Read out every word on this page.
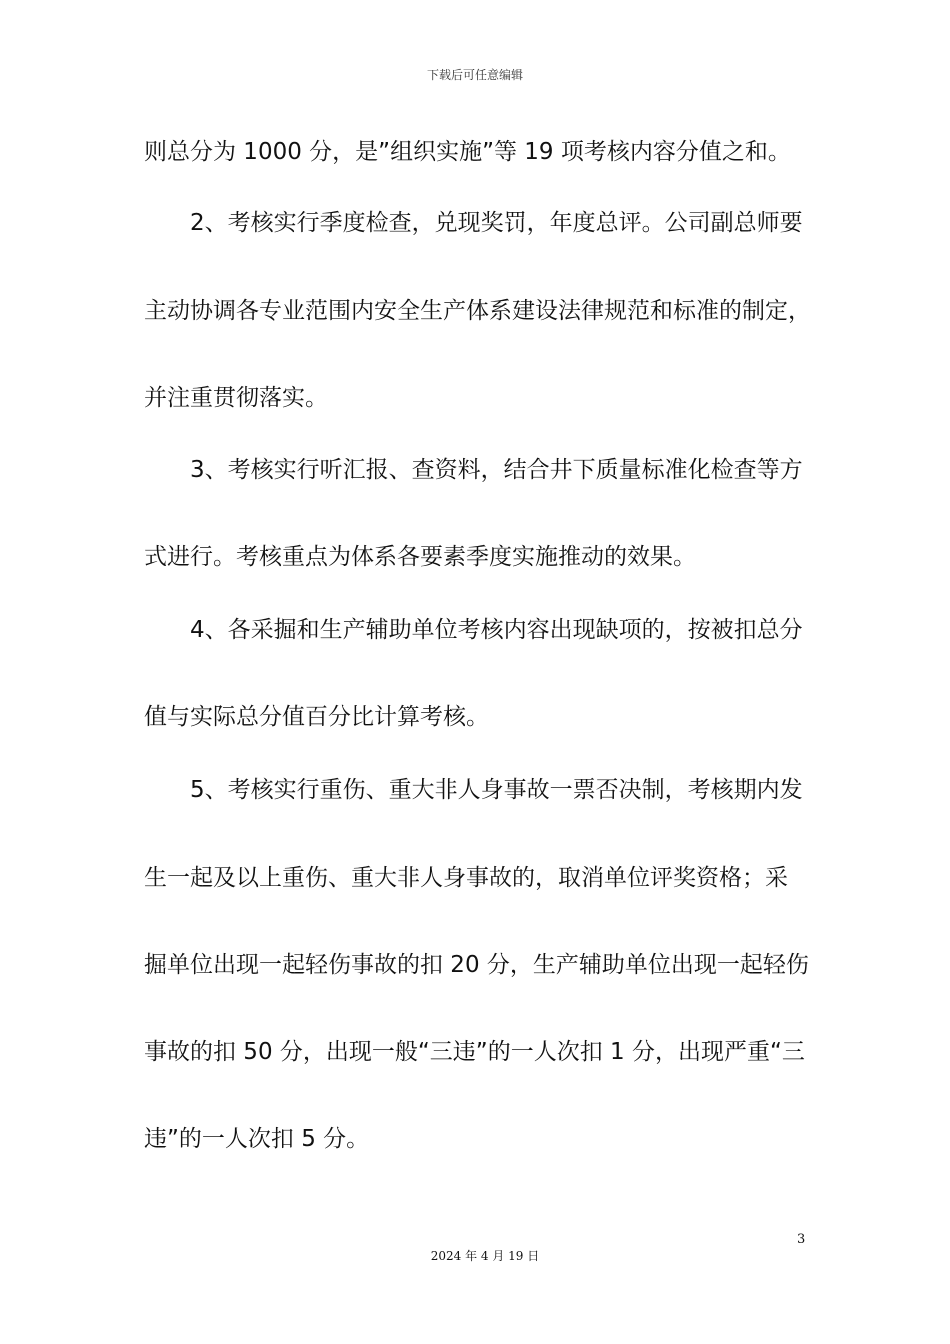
下载后可任意编辑
则总分为 1000 分，是”组织实施”等 19 项考核内容分值之和。
2、考核实行季度检查，兑现奖罚，年度总评。公司副总师要
主动协调各专业范围内安全生产体系建设法律规范和标准的制定，
并注重贯彻落实。
3、考核实行听汇报、查资料，结合井下质量标准化检查等方
式进行。考核重点为体系各要素季度实施推动的效果。
4、各采掘和生产辅助单位考核内容出现缺项的，按被扣总分
值与实际总分值百分比计算考核。
5、考核实行重伤、重大非人身事故一票否决制，考核期内发
生一起及以上重伤、重大非人身事故的，取消单位评奖资格；采
掘单位出现一起轻伤事故的扣 20 分，生产辅助单位出现一起轻伤
事故的扣 50 分，出现一般“三违”的一人次扣 1 分，出现严重“三
违”的一人次扣 5 分。
3
2024 年 4 月 19 日
